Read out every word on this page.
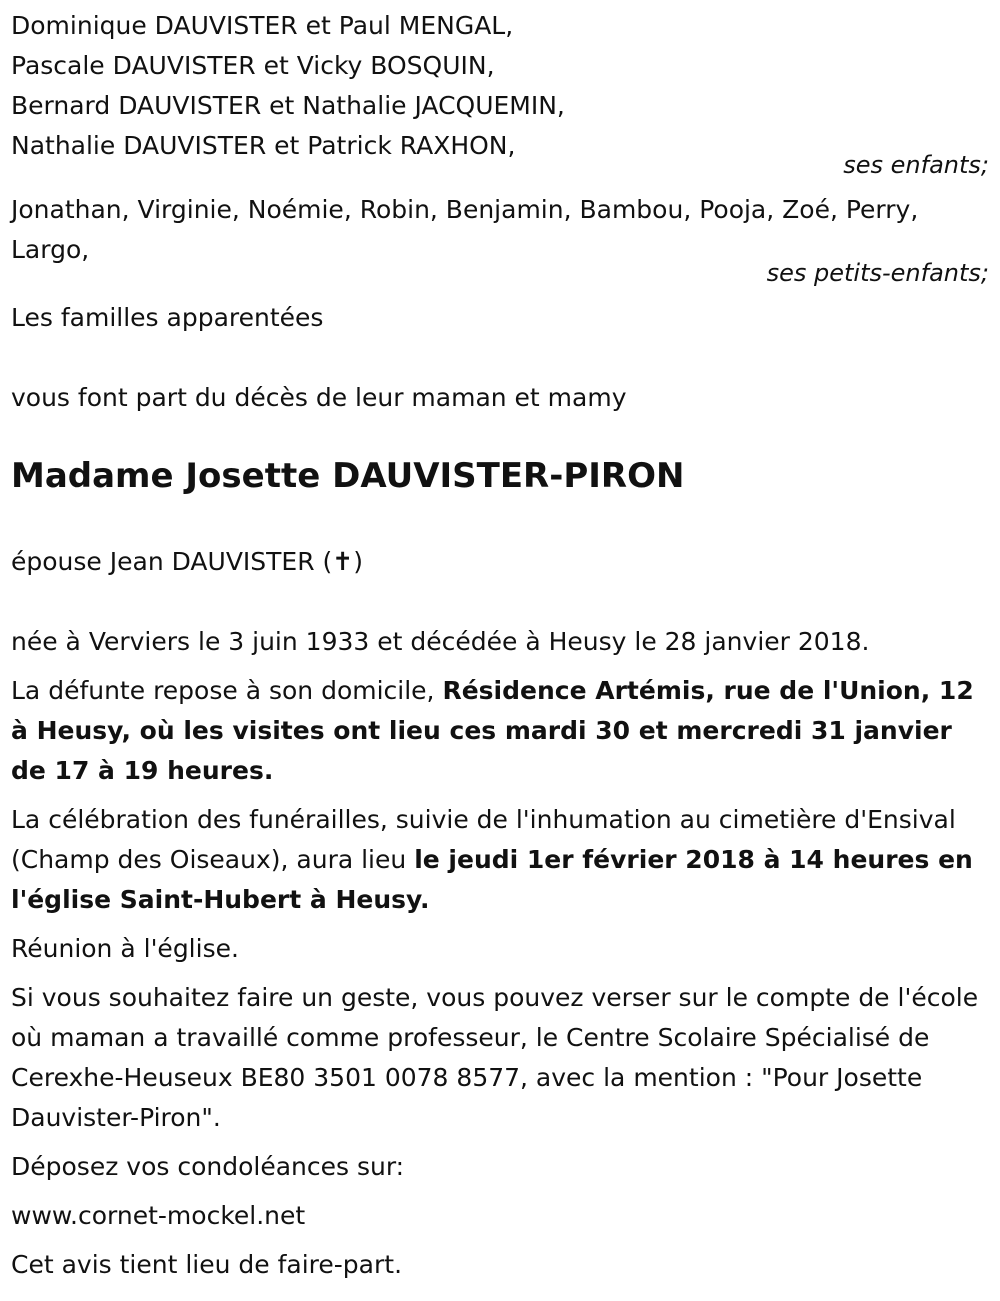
Dominique DAUVISTER et Paul MENGAL,

Pascale DAUVISTER et Vicky BOSQUIN,

Bernard DAUVISTER et Nathalie JACQUEMIN,

Nathalie DAUVISTER et Patrick RAXHON,

ses enfants;

Jonathan, Virginie, Noémie, Robin, Benjamin, Bambou, Pooja, Zoé, Perry, Largo,

ses petits-enfants;

Les familles apparentées

vous font part du décès de leur maman et mamy

Madame Josette DAUVISTER-PIRON

épouse Jean DAUVISTER (✝)

née à Verviers le 3 juin 1933 et décédée à Heusy le 28 janvier 2018.

La défunte repose à son domicile, Résidence Artémis, rue de l'Union, 12 à Heusy, où les visites ont lieu ces mardi 30 et mercredi 31 janvier de 17 à 19 heures.

La célébration des funérailles, suivie de l'inhumation au cimetière d'Ensival (Champ des Oiseaux), aura lieu le jeudi 1er février 2018 à 14 heures en l'église Saint-Hubert à Heusy.

Réunion à l'église.

Si vous souhaitez faire un geste, vous pouvez verser sur le compte de l'école où maman a travaillé comme professeur, le Centre Scolaire Spécialisé de Cerexhe-Heuseux BE80 3501 0078 8577, avec la mention : "Pour Josette Dauvister-Piron".

Déposez vos condoléances sur:

www.cornet-mockel.net

Cet avis tient lieu de faire-part.
